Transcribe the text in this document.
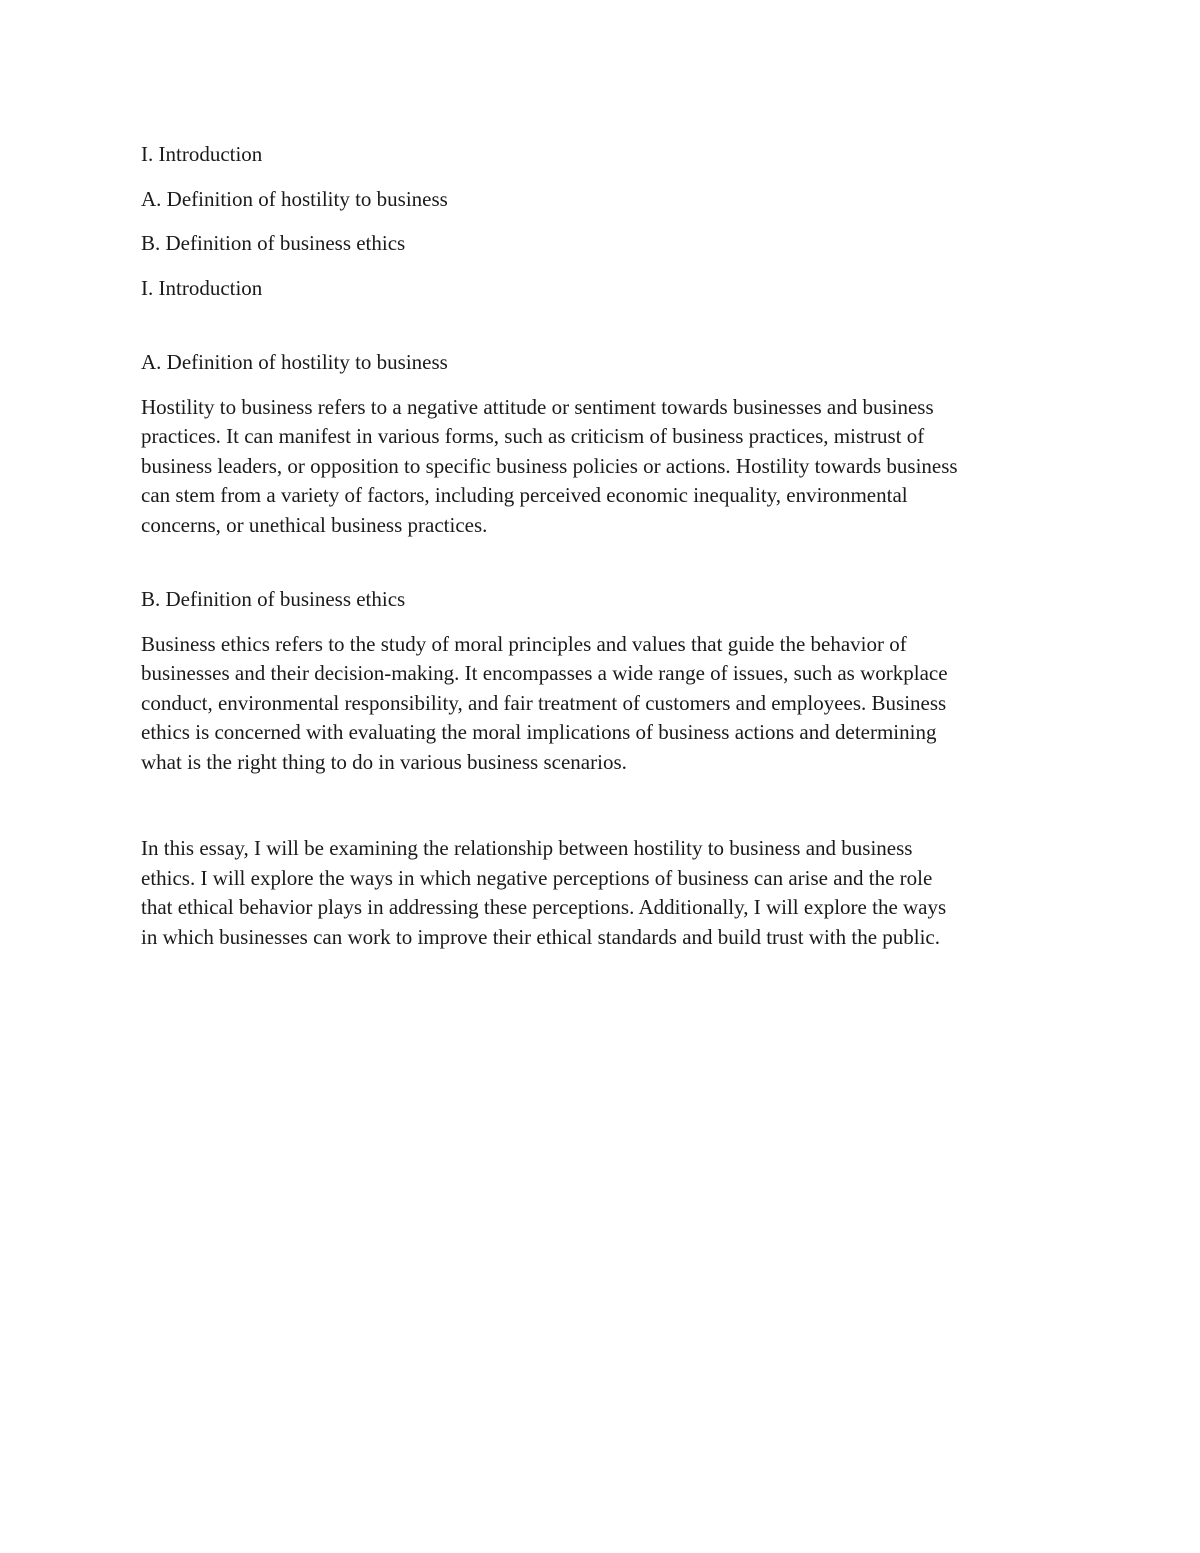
I. Introduction

A. Definition of hostility to business

B. Definition of business ethics

I. Introduction

A. Definition of hostility to business

Hostility to business refers to a negative attitude or sentiment towards businesses and business

practices. It can manifest in various forms, such as criticism of business practices, mistrust of

business leaders, or opposition to specific business policies or actions. Hostility towards business

can stem from a variety of factors, including perceived economic inequality, environmental

concerns, or unethical business practices.

B. Definition of business ethics

Business ethics refers to the study of moral principles and values that guide the behavior of

businesses and their decision-making. It encompasses a wide range of issues, such as workplace

conduct, environmental responsibility, and fair treatment of customers and employees. Business

ethics is concerned with evaluating the moral implications of business actions and determining

what is the right thing to do in various business scenarios.

In this essay, I will be examining the relationship between hostility to business and business

ethics. I will explore the ways in which negative perceptions of business can arise and the role

that ethical behavior plays in addressing these perceptions. Additionally, I will explore the ways

in which businesses can work to improve their ethical standards and build trust with the public.
